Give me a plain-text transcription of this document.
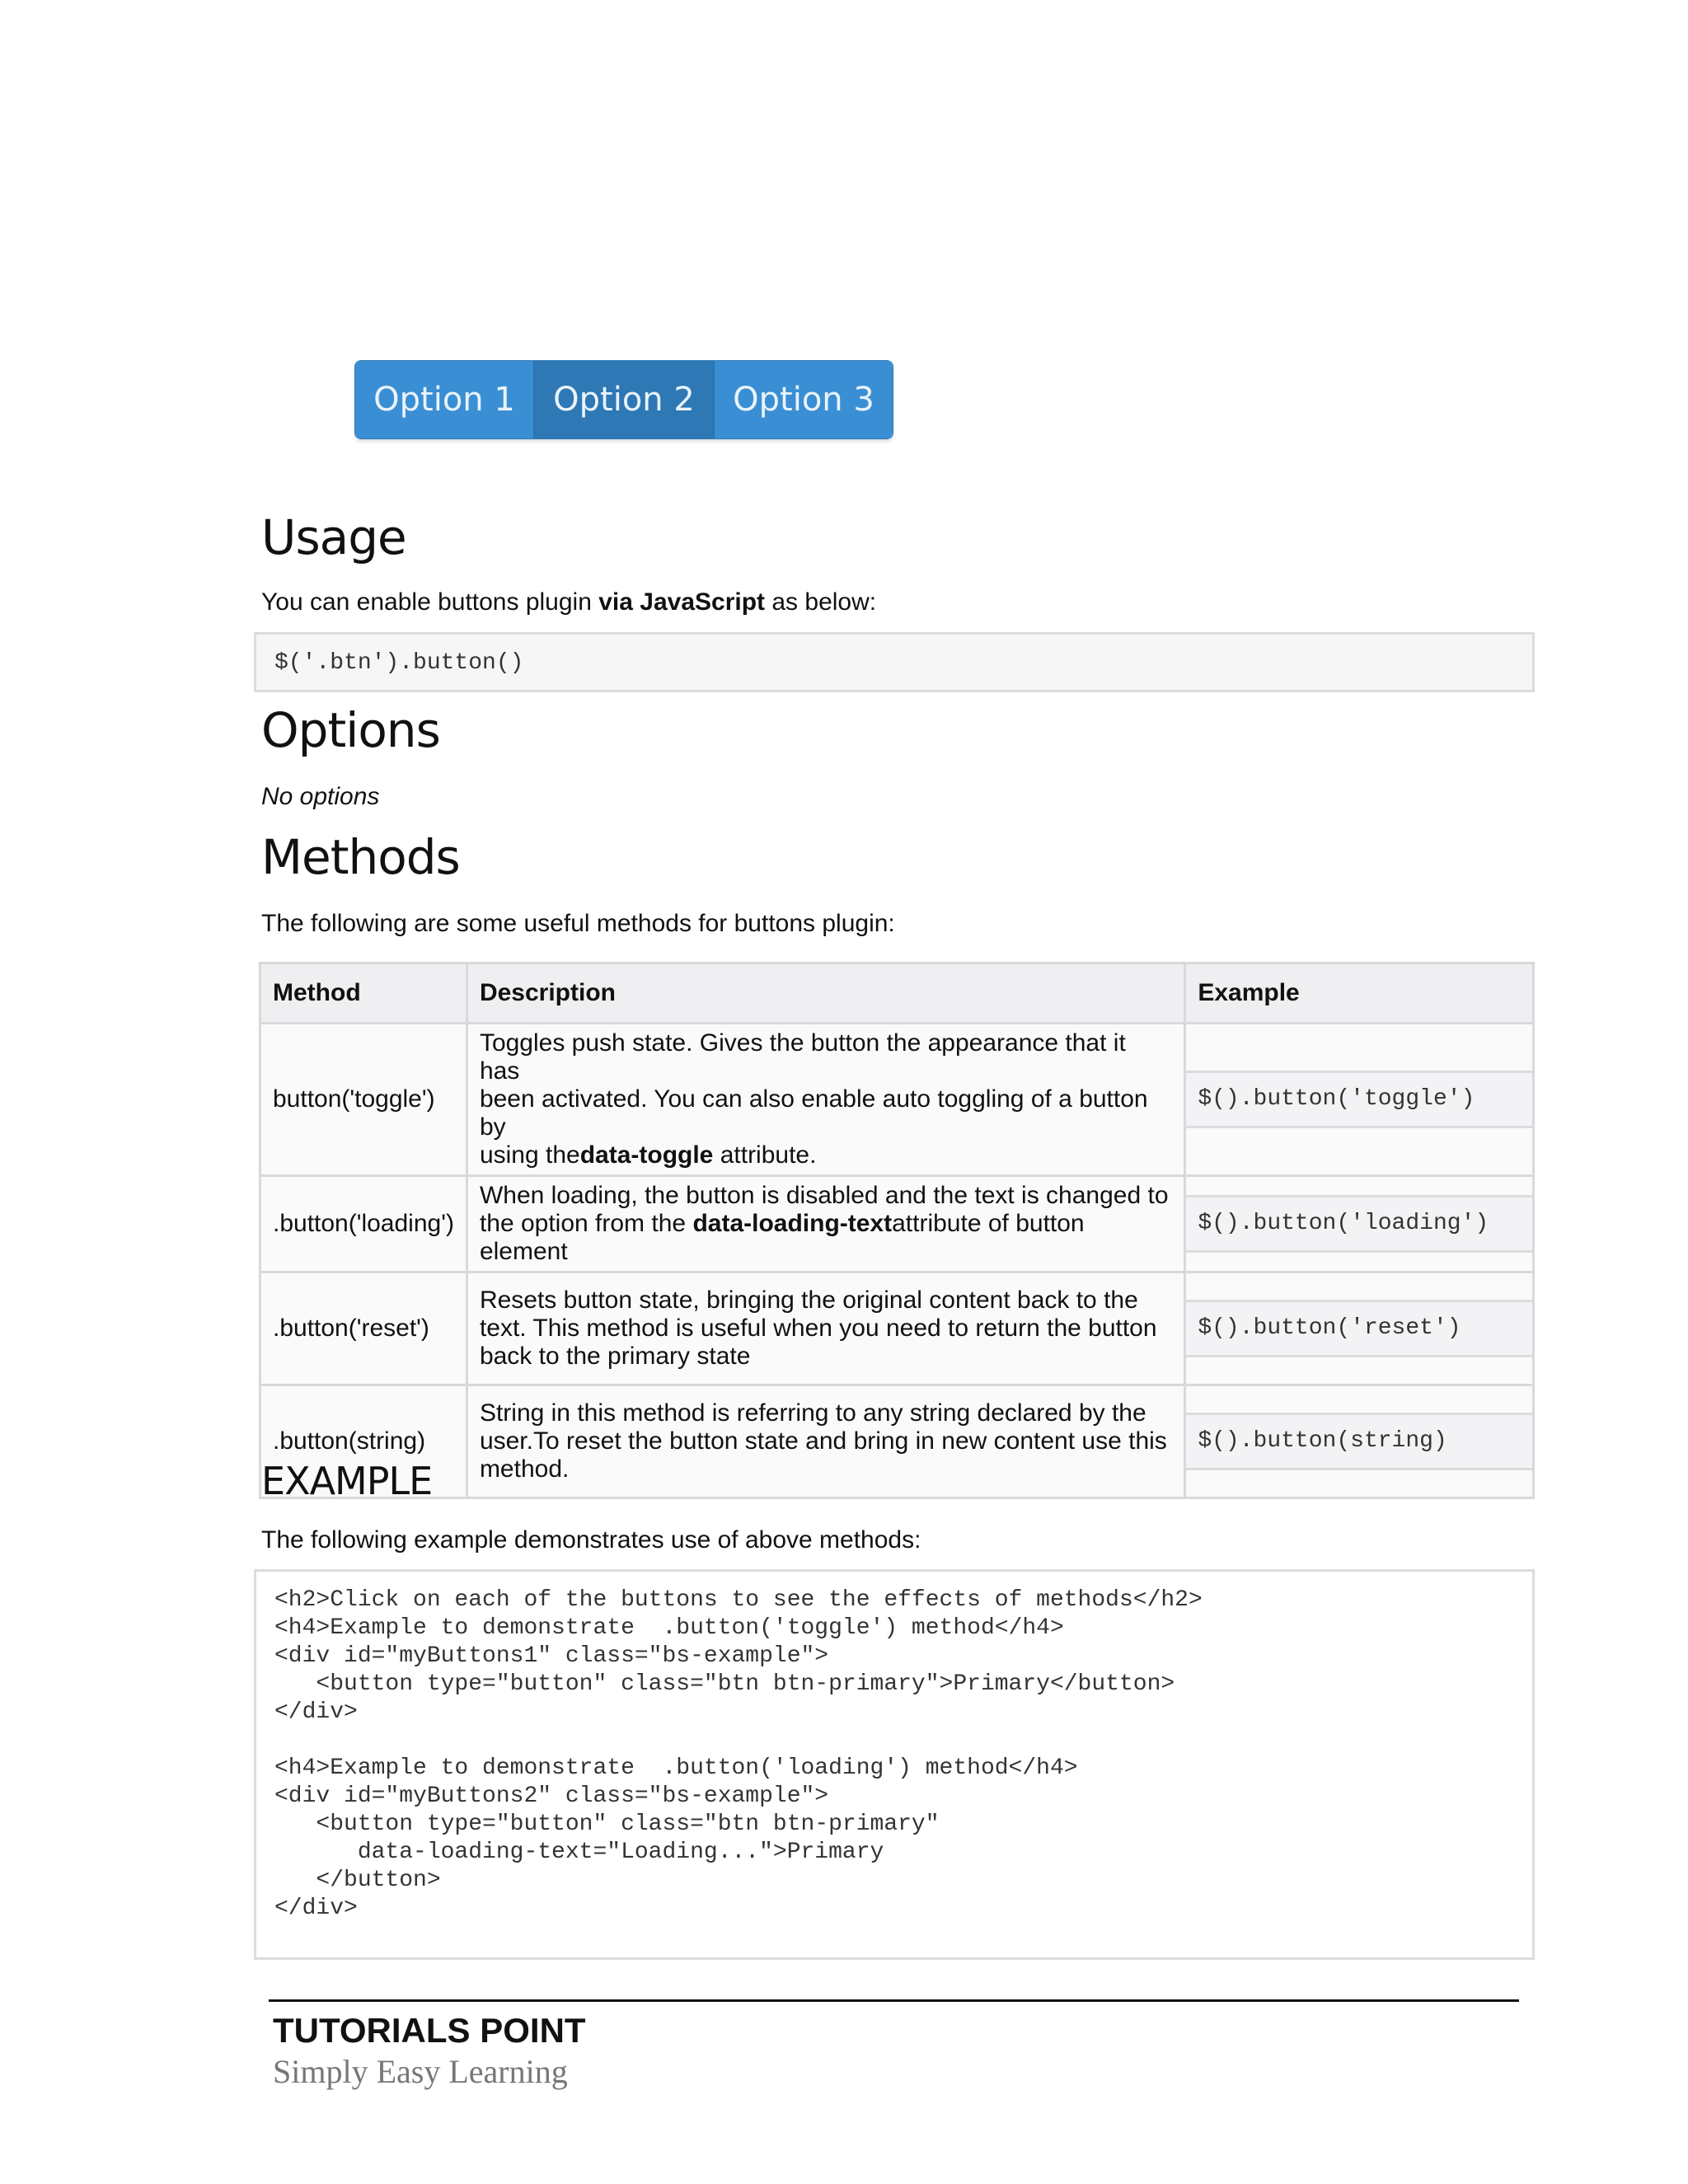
Option 1	Option 2	Option 3
Usage

You can enable buttons plugin via JavaScript as below:

$('.btn').button()
Options

No options

Methods

The following are some useful methods for buttons plugin:

Method	Description	Example
button('toggle')	Toggles push state. Gives the button the appearance that it has
been activated. You can also enable auto toggling of a button by
using thedata-toggle attribute.	$().button('toggle')

.button('loading')	When loading, the button is disabled and the text is changed to
the option from the data-loading-textattribute of button element	$().button('loading')

.button('reset')	Resets button state, bringing the original content back to the
text. This method is useful when you need to return the button
back to the primary state	$().button('reset')

.button(string)	String in this method is referring to any string declared by the
user.To reset the button state and bring in new content use this
method.	$().button(string)
EXAMPLE

The following example demonstrates use of above methods:

<h2>Click on each of the buttons to see the effects of methods</h2>
<h4>Example to demonstrate  .button('toggle') method</h4>
<div id="myButtons1" class="bs-example">
<button type="button" class="btn btn-primary">Primary</button>
</div>
<h4>Example to demonstrate  .button('loading') method</h4>
<div id="myButtons2" class="bs-example">
<button type="button" class="btn btn-primary"
data-loading-text="Loading...">Primary
</button>
</div>
TUTORIALS POINT
Simply Easy Learning
